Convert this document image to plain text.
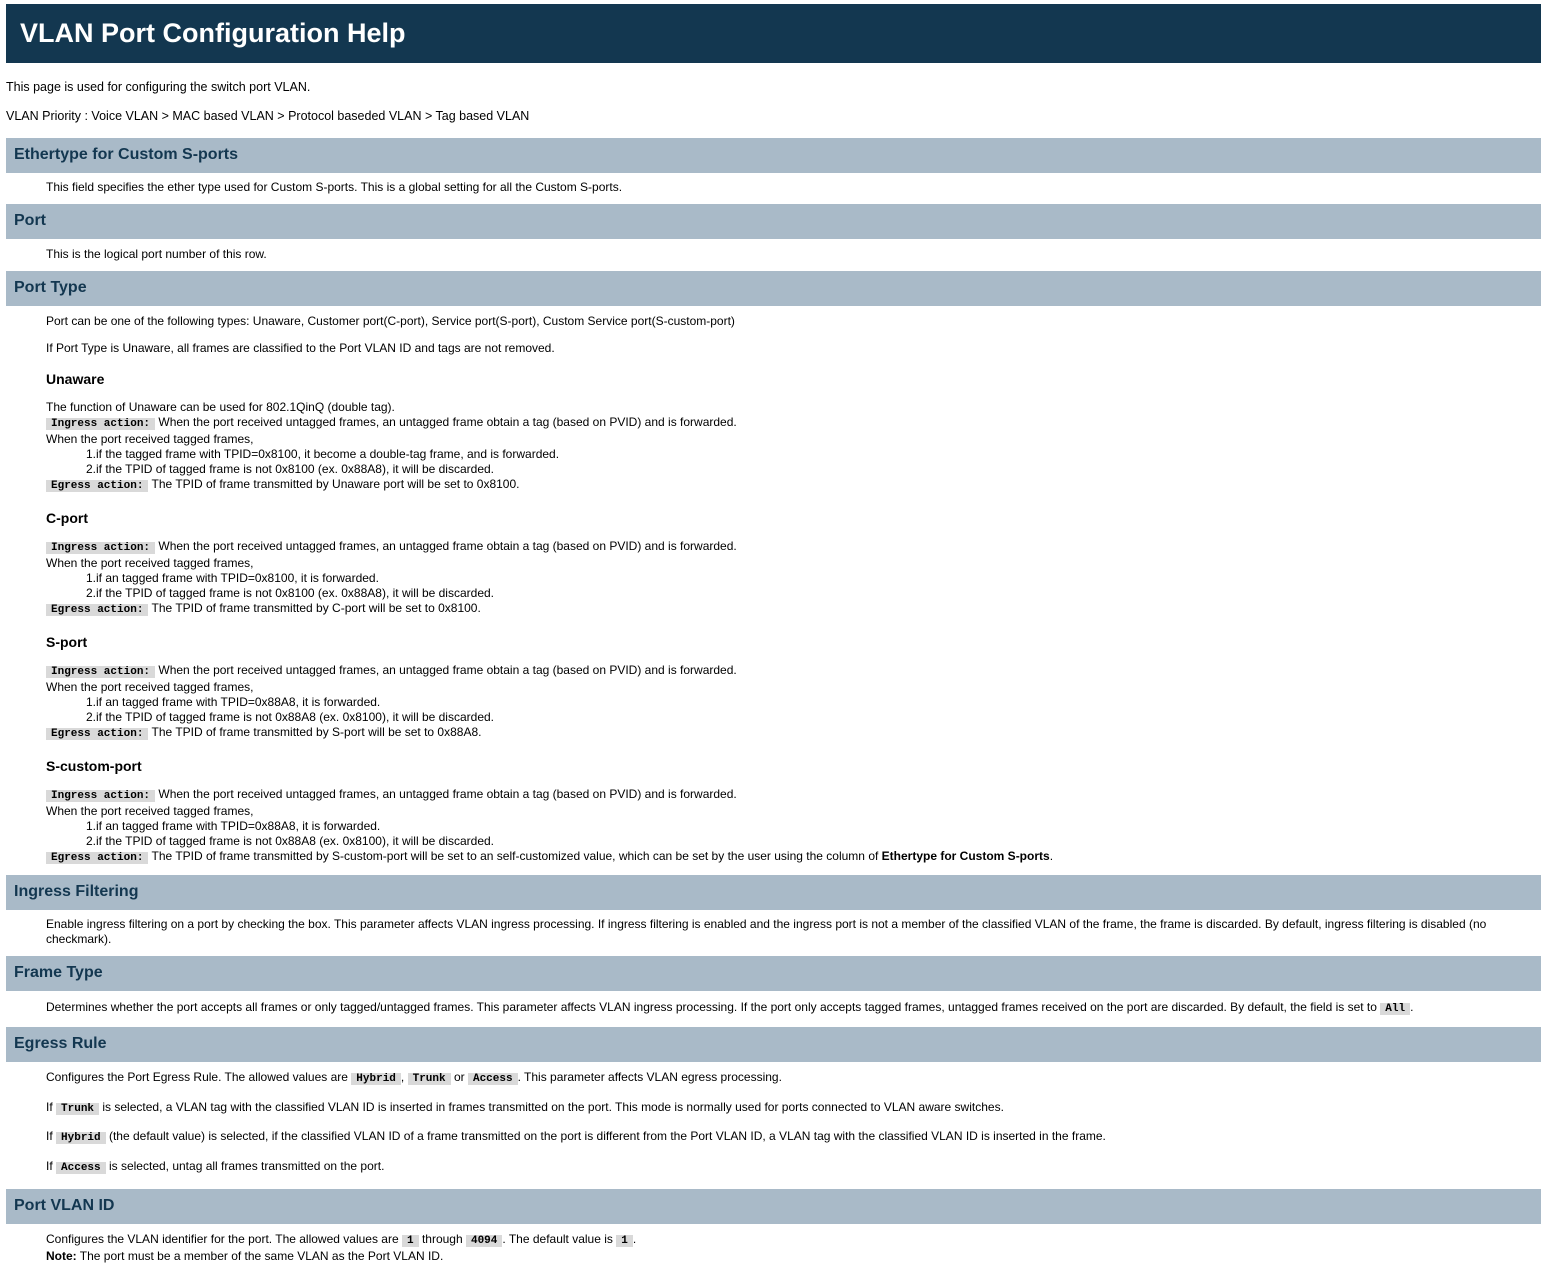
VLAN Port Configuration Help

This page is used for configuring the switch port VLAN.

VLAN Priority : Voice VLAN > MAC based VLAN > Protocol baseded VLAN > Tag based VLAN

Ethertype for Custom S-ports

This field specifies the ether type used for Custom S-ports. This is a global setting for all the Custom S-ports.

Port

This is the logical port number of this row.

Port Type

Port can be one of the following types: Unaware, Customer port(C-port), Service port(S-port), Custom Service port(S-custom-port)

If Port Type is Unaware, all frames are classified to the Port VLAN ID and tags are not removed.

Unaware

The function of Unaware can be used for 802.1QinQ (double tag).

Ingress action: When the port received untagged frames, an untagged frame obtain a tag (based on PVID) and is forwarded.

When the port received tagged frames,

1.if the tagged frame with TPID=0x8100, it become a double-tag frame, and is forwarded.

2.if the TPID of tagged frame is not 0x8100 (ex. 0x88A8), it will be discarded.

Egress action: The TPID of frame transmitted by Unaware port will be set to 0x8100.

C-port

Ingress action: When the port received untagged frames, an untagged frame obtain a tag (based on PVID) and is forwarded.

When the port received tagged frames,

1.if an tagged frame with TPID=0x8100, it is forwarded.

2.if the TPID of tagged frame is not 0x8100 (ex. 0x88A8), it will be discarded.

Egress action: The TPID of frame transmitted by C-port will be set to 0x8100.

S-port

Ingress action: When the port received untagged frames, an untagged frame obtain a tag (based on PVID) and is forwarded.

When the port received tagged frames,

1.if an tagged frame with TPID=0x88A8, it is forwarded.

2.if the TPID of tagged frame is not 0x88A8 (ex. 0x8100), it will be discarded.

Egress action: The TPID of frame transmitted by S-port will be set to 0x88A8.

S-custom-port

Ingress action: When the port received untagged frames, an untagged frame obtain a tag (based on PVID) and is forwarded.

When the port received tagged frames,

1.if an tagged frame with TPID=0x88A8, it is forwarded.

2.if the TPID of tagged frame is not 0x88A8 (ex. 0x8100), it will be discarded.

Egress action: The TPID of frame transmitted by S-custom-port will be set to an self-customized value, which can be set by the user using the column of Ethertype for Custom S-ports.

Ingress Filtering

Enable ingress filtering on a port by checking the box. This parameter affects VLAN ingress processing. If ingress filtering is enabled and the ingress port is not a member of the classified VLAN of the frame, the frame is discarded. By default, ingress filtering is disabled (no checkmark).

Frame Type

Determines whether the port accepts all frames or only tagged/untagged frames. This parameter affects VLAN ingress processing. If the port only accepts tagged frames, untagged frames received on the port are discarded. By default, the field is set to All .

Egress Rule

Configures the Port Egress Rule. The allowed values are Hybrid , Trunk or Access . This parameter affects VLAN egress processing.

If Trunk is selected, a VLAN tag with the classified VLAN ID is inserted in frames transmitted on the port. This mode is normally used for ports connected to VLAN aware switches.

If Hybrid (the default value) is selected, if the classified VLAN ID of a frame transmitted on the port is different from the Port VLAN ID, a VLAN tag with the classified VLAN ID is inserted in the frame.

If Access is selected, untag all frames transmitted on the port.

Port VLAN ID

Configures the VLAN identifier for the port. The allowed values are 1 through 4094 . The default value is 1 .

Note: The port must be a member of the same VLAN as the Port VLAN ID.
